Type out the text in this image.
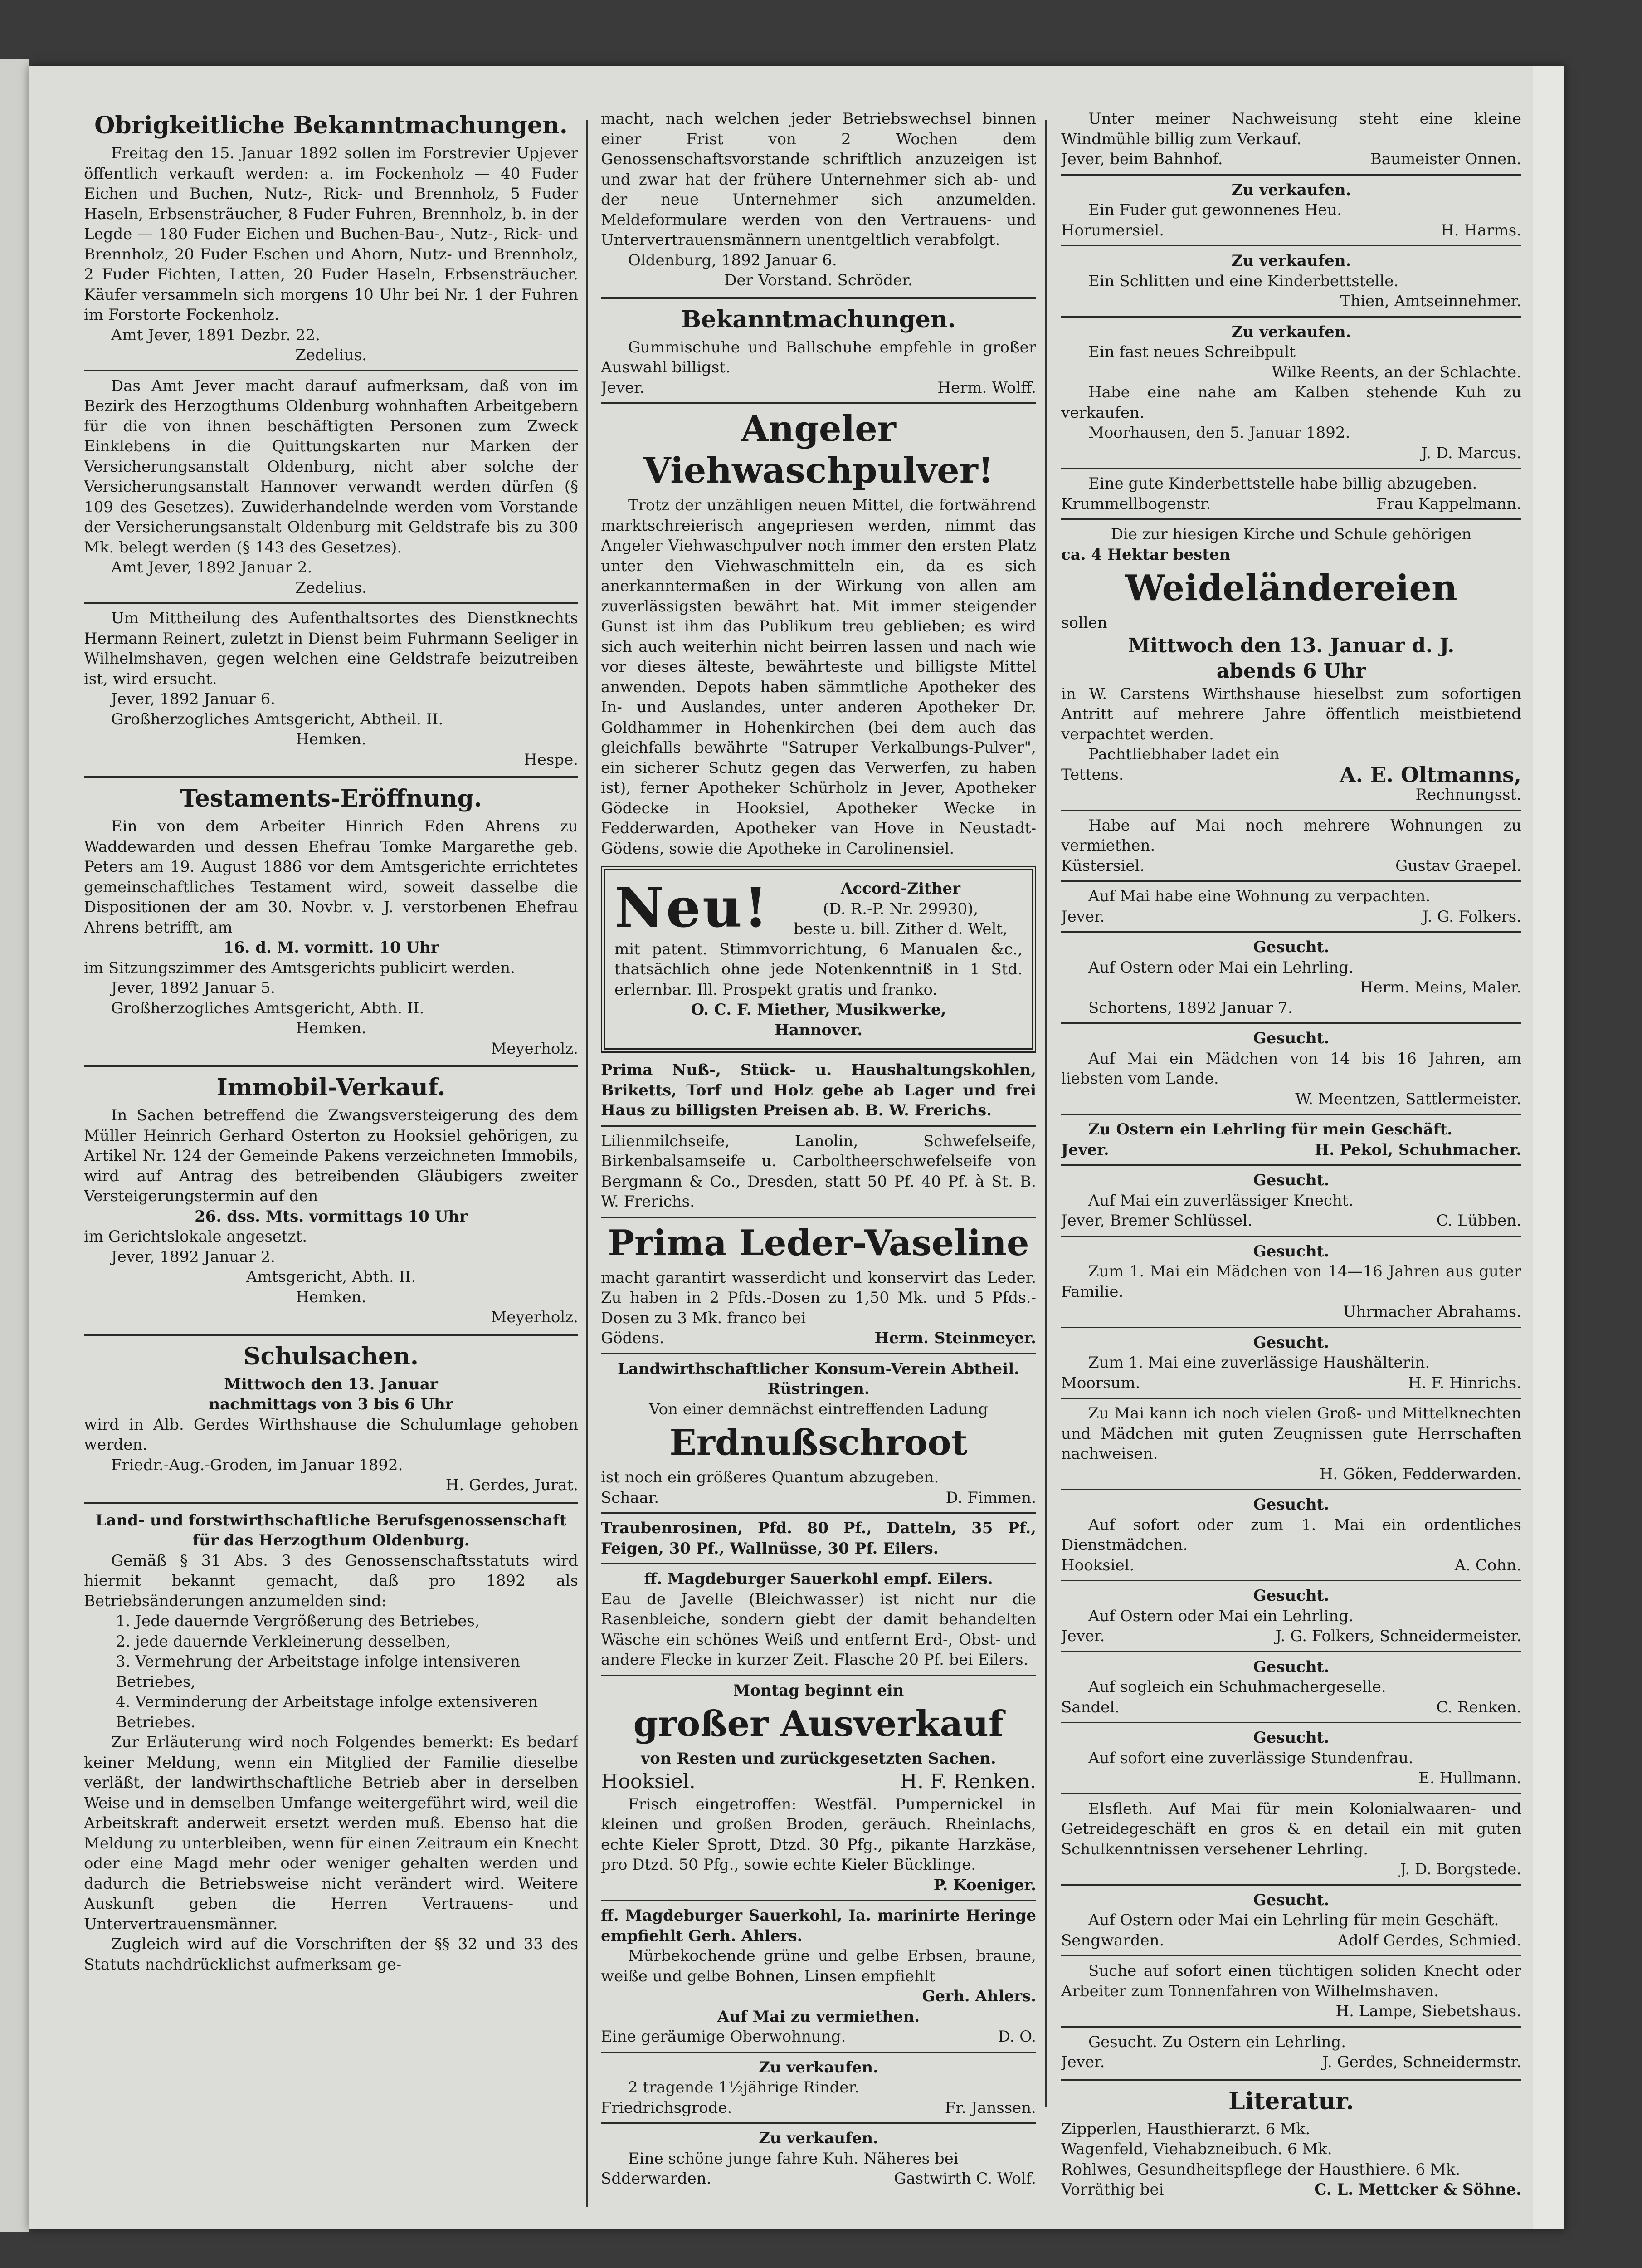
Obrigkeitliche Bekanntmachungen.

Freitag den 15. Januar 1892 sollen im Forstrevier Upjever öffentlich verkauft werden: a. im Fockenholz — 40 Fuder Eichen und Buchen, Nutz-, Rick- und Brennholz, 5 Fuder Haseln, Erbsensträucher, 8 Fuder Fuhren, Brennholz, b. in der Legde — 180 Fuder Eichen und Buchen-Bau-, Nutz-, Rick- und Brennholz, 20 Fuder Eschen und Ahorn, Nutz- und Brennholz, 2 Fuder Fichten, Latten, 20 Fuder Haseln, Erbsensträucher. Käufer versammeln sich morgens 10 Uhr bei Nr. 1 der Fuhren im Forstorte Fockenholz.

Amt Jever, 1891 Dezbr. 22.

Zedelius.

Das Amt Jever macht darauf aufmerksam, daß von im Bezirk des Herzogthums Oldenburg wohnhaften Arbeitgebern für die von ihnen beschäftigten Personen zum Zweck Einklebens in die Quittungskarten nur Marken der Versicherungsanstalt Oldenburg, nicht aber solche der Versicherungsanstalt Hannover verwandt werden dürfen (§ 109 des Gesetzes). Zuwiderhandelnde werden vom Vorstande der Versicherungsanstalt Oldenburg mit Geldstrafe bis zu 300 Mk. belegt werden (§ 143 des Gesetzes).

Amt Jever, 1892 Januar 2.

Zedelius.

Um Mittheilung des Aufenthaltsortes des Dienstknechts Hermann Reinert, zuletzt in Dienst beim Fuhrmann Seeliger in Wilhelmshaven, gegen welchen eine Geldstrafe beizutreiben ist, wird ersucht.

Jever, 1892 Januar 6.

Großherzogliches Amtsgericht, Abtheil. II.

Hemken.

Hespe.

Testaments-Eröffnung.

Ein von dem Arbeiter Hinrich Eden Ahrens zu Waddewarden und dessen Ehefrau Tomke Margarethe geb. Peters am 19. August 1886 vor dem Amtsgerichte errichtetes gemeinschaftliches Testament wird, soweit dasselbe die Dispositionen der am 30. Novbr. v. J. verstorbenen Ehefrau Ahrens betrifft, am

16. d. M. vormitt. 10 Uhr

im Sitzungszimmer des Amtsgerichts publicirt werden.

Jever, 1892 Januar 5.

Großherzogliches Amtsgericht, Abth. II.

Hemken.

Meyerholz.

Immobil-Verkauf.

In Sachen betreffend die Zwangsversteigerung des dem Müller Heinrich Gerhard Osterton zu Hooksiel gehörigen, zu Artikel Nr. 124 der Gemeinde Pakens verzeichneten Immobils, wird auf Antrag des betreibenden Gläubigers zweiter Versteigerungstermin auf den

26. dss. Mts. vormittags 10 Uhr

im Gerichtslokale angesetzt.

Jever, 1892 Januar 2.

Amtsgericht, Abth. II.

Hemken.

Meyerholz.

Schulsachen.

Mittwoch den 13. Januar

nachmittags von 3 bis 6 Uhr

wird in Alb. Gerdes Wirthshause die Schulumlage gehoben werden.

Friedr.-Aug.-Groden, im Januar 1892.

H. Gerdes, Jurat.

Land- und forstwirthschaftliche Berufsgenossenschaft für das Herzogthum Oldenburg.

Gemäß § 31 Abs. 3 des Genossenschaftsstatuts wird hiermit bekannt gemacht, daß pro 1892 als Betriebsänderungen anzumelden sind:

1. Jede dauernde Vergrößerung des Betriebes,
2. jede dauernde Verkleinerung desselben,
3. Vermehrung der Arbeitstage infolge intensiveren Betriebes,
4. Verminderung der Arbeitstage infolge extensiveren Betriebes.

Zur Erläuterung wird noch Folgendes bemerkt: Es bedarf keiner Meldung, wenn ein Mitglied der Familie dieselbe verläßt, der landwirthschaftliche Betrieb aber in derselben Weise und in demselben Umfange weitergeführt wird, weil die Arbeitskraft anderweit ersetzt werden muß. Ebenso hat die Meldung zu unterbleiben, wenn für einen Zeitraum ein Knecht oder eine Magd mehr oder weniger gehalten werden und dadurch die Betriebsweise nicht verändert wird. Weitere Auskunft geben die Herren Vertrauens- und Untervertrauensmänner.

Zugleich wird auf die Vorschriften der §§ 32 und 33 des Statuts nachdrücklichst aufmerksam ge-

macht, nach welchen jeder Betriebswechsel binnen einer Frist von 2 Wochen dem Genossenschaftsvorstande schriftlich anzuzeigen ist und zwar hat der frühere Unternehmer sich ab- und der neue Unternehmer sich anzumelden. Meldeformulare werden von den Vertrauens- und Untervertrauensmännern unentgeltlich verabfolgt.

Oldenburg, 1892 Januar 6.

Der Vorstand. Schröder.

Bekanntmachungen.

Gummischuhe und Ballschuhe empfehle in großer Auswahl billigst.

Jever.	Herm. Wolff.
Angeler Viehwaschpulver!

Trotz der unzähligen neuen Mittel, die fortwährend marktschreierisch angepriesen werden, nimmt das Angeler Viehwaschpulver noch immer den ersten Platz unter den Viehwaschmitteln ein, da es sich anerkanntermaßen in der Wirkung von allen am zuverlässigsten bewährt hat. Mit immer steigender Gunst ist ihm das Publikum treu geblieben; es wird sich auch weiterhin nicht beirren lassen und nach wie vor dieses älteste, bewährteste und billigste Mittel anwenden. Depots haben sämmtliche Apotheker des In- und Auslandes, unter anderen Apotheker Dr. Goldhammer in Hohenkirchen (bei dem auch das gleichfalls bewährte "Satruper Verkalbungs-Pulver", ein sicherer Schutz gegen das Verwerfen, zu haben ist), ferner Apotheker Schürholz in Jever, Apotheker Gödecke in Hooksiel, Apotheker Wecke in Fedderwarden, Apotheker van Hove in Neustadt-Gödens, sowie die Apotheke in Carolinensiel.

Neu!	Accord-Zither

(D. R.-P. Nr. 29930),

beste u. bill. Zither d. Welt,

mit patent. Stimmvorrichtung, 6 Manualen &c., thatsächlich ohne jede Notenkenntniß in 1 Std. erlernbar. Ill. Prospekt gratis und franko.

O. C. F. Miether, Musikwerke,

Hannover.

Prima Nuß-, Stück- u. Haushaltungskohlen, Briketts, Torf und Holz gebe ab Lager und frei Haus zu billigsten Preisen ab. B. W. Frerichs.

Lilienmilchseife, Lanolin, Schwefelseife, Birkenbalsamseife u. Carbolthеerschwefelseife von Bergmann & Co., Dresden, statt 50 Pf. 40 Pf. à St. B. W. Frerichs.

Prima Leder-Vaseline

macht garantirt wasserdicht und konservirt das Leder. Zu haben in 2 Pfds.-Dosen zu 1,50 Mk. und 5 Pfds.-Dosen zu 3 Mk. franco bei

Gödens.	Herm. Steinmeyer.

Landwirthschaftlicher Konsum-Verein Abtheil. Rüstringen.

Von einer demnächst eintreffenden Ladung

Erdnußschroot

ist noch ein größeres Quantum abzugeben.

Schaar.	D. Fimmen.

Traubenrosinen, Pfd. 80 Pf., Datteln, 35 Pf., Feigen, 30 Pf., Wallnüsse, 30 Pf. Eilers.

ff. Magdeburger Sauerkohl empf. Eilers.

Eau de Javelle (Bleichwasser) ist nicht nur die Rasenbleiche, sondern giebt der damit behandelten Wäsche ein schönes Weiß und entfernt Erd-, Obst- und andere Flecke in kurzer Zeit. Flasche 20 Pf. bei Eilers.

Montag beginnt ein

großer Ausverkauf

von Resten und zurückgesetzten Sachen.

Hooksiel.	H. F. Renken.

Frisch eingetroffen: Westfäl. Pumpernickel in kleinen und großen Broden, geräuch. Rheinlachs, echte Kieler Sprott, Dtzd. 30 Pfg., pikante Harzkäse, pro Dtzd. 50 Pfg., sowie echte Kieler Bücklinge.

P. Koeniger.

ff. Magdeburger Sauerkohl, Ia. marinirte Heringe empfiehlt Gerh. Ahlers.

Mürbekochende grüne und gelbe Erbsen, braune, weiße und gelbe Bohnen, Linsen empfiehlt

Gerh. Ahlers.

Auf Mai zu vermiethen.

Eine geräumige Oberwohnung.	D. O.

Zu verkaufen.

2 tragende 1½jährige Rinder.

Friedrichsgrode.	Fr. Janssen.

Zu verkaufen.

Eine schöne junge fahre Kuh. Näheres bei

Sdderwarden.	Gastwirth C. Wolf.

Unter meiner Nachweisung steht eine kleine Windmühle billig zum Verkauf.

Jever, beim Bahnhof.	Baumeister Onnen.

Zu verkaufen.

Ein Fuder gut gewonnenes Heu.

Horumersiel.	H. Harms.

Zu verkaufen.

Ein Schlitten und eine Kinderbettstelle.

Thien, Amtseinnehmer.

Zu verkaufen.

Ein fast neues Schreibpult

Wilke Reents, an der Schlachte.

Habe eine nahe am Kalben stehende Kuh zu verkaufen.

Moorhausen, den 5. Januar 1892.

J. D. Marcus.

Eine gute Kinderbettstelle habe billig abzugeben.

Krummellbogenstr.	Frau Kappelmann.

Die zur hiesigen Kirche und Schule gehörigen

ca. 4 Hektar besten

Weideländereien

sollen

Mittwoch den 13. Januar d. J.

abends 6 Uhr

in W. Carstens Wirthshause hieselbst zum sofortigen Antritt auf mehrere Jahre öffentlich meistbietend verpachtet werden.

Pachtliebhaber ladet ein

Tettens.	A. E. Oltmanns,

Rechnungsst.

Habe auf Mai noch mehrere Wohnungen zu vermiethen.

Küstersiel.	Gustav Graepel.

Auf Mai habe eine Wohnung zu verpachten.

Jever.	J. G. Folkers.

Gesucht.

Auf Ostern oder Mai ein Lehrling.

Herm. Meins, Maler.

Schortens, 1892 Januar 7.

Gesucht.

Auf Mai ein Mädchen von 14 bis 16 Jahren, am liebsten vom Lande.

W. Meentzen, Sattlermeister.

Zu Ostern ein Lehrling für mein Geschäft.

Jever.	H. Pekol, Schuhmacher.

Gesucht.

Auf Mai ein zuverlässiger Knecht.

Jever, Bremer Schlüssel.	C. Lübben.

Gesucht.

Zum 1. Mai ein Mädchen von 14—16 Jahren aus guter Familie.

Uhrmacher Abrahams.

Gesucht.

Zum 1. Mai eine zuverlässige Haushälterin.

Moorsum.	H. F. Hinrichs.

Zu Mai kann ich noch vielen Groß- und Mittelknechten und Mädchen mit guten Zeugnissen gute Herrschaften nachweisen.

H. Göken, Fedderwarden.

Gesucht.

Auf sofort oder zum 1. Mai ein ordentliches Dienstmädchen.

Hooksiel.	A. Cohn.

Gesucht.

Auf Ostern oder Mai ein Lehrling.

Jever.	J. G. Folkers, Schneidermeister.

Gesucht.

Auf sogleich ein Schuhmachergeselle.

Sandel.	C. Renken.

Gesucht.

Auf sofort eine zuverlässige Stundenfrau.

E. Hullmann.

Elsfleth. Auf Mai für mein Kolonialwaaren- und Getreidegeschäft en gros & en detail ein mit guten Schulkenntnissen versehener Lehrling.

J. D. Borgstede.

Gesucht.

Auf Ostern oder Mai ein Lehrling für mein Geschäft.

Sengwarden.	Adolf Gerdes, Schmied.

Suche auf sofort einen tüchtigen soliden Knecht oder Arbeiter zum Tonnenfahren von Wilhelmshaven.

H. Lampe, Siebetshaus.

Gesucht. Zu Ostern ein Lehrling.

Jever.	J. Gerdes, Schneidermstr.
Literatur.

Zipperlen, Hausthierarzt. 6 Mk.

Wagenfeld, Viehabzneibuch. 6 Mk.

Rohlwes, Gesundheitspflege der Hausthiere. 6 Mk.

Vorräthig bei	C. L. Mettcker & Söhne.
